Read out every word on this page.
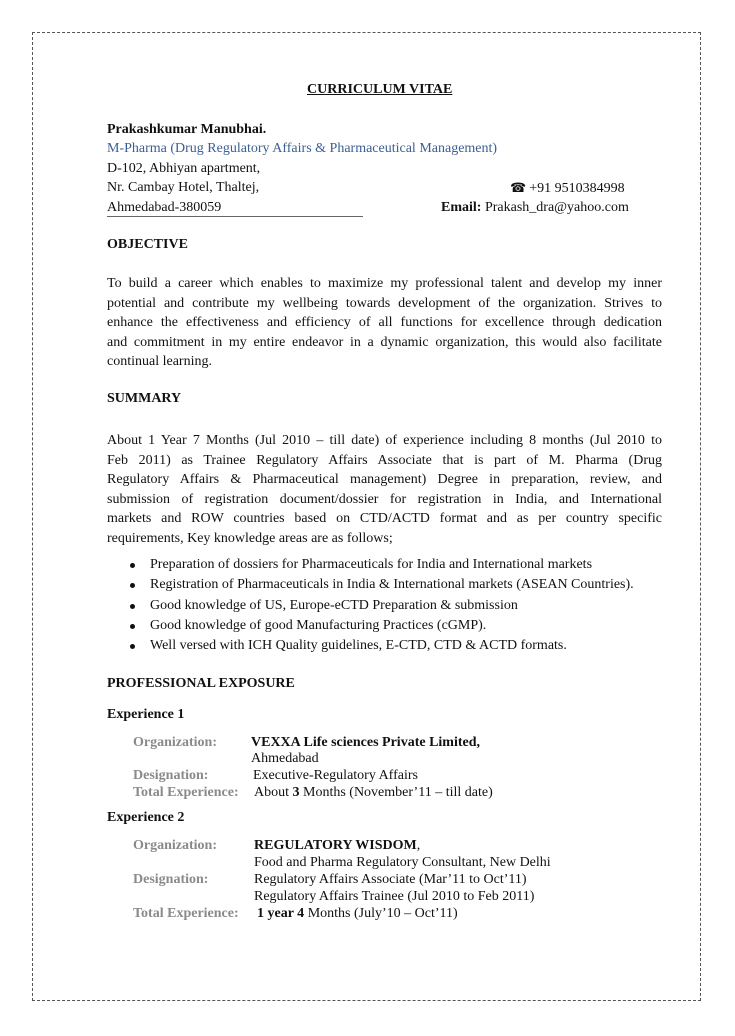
CURRICULUM VITAE
Prakashkumar Manubhai.
M-Pharma (Drug Regulatory Affairs & Pharmaceutical Management)
D-102, Abhiyan apartment,
Nr. Cambay Hotel, Thaltej,
Ahmedabad-380059
☎ +91 9510384998
Email: Prakash_dra@yahoo.com
OBJECTIVE
To build a career which enables to maximize my professional talent and develop my inner
potential and contribute my wellbeing towards development of the organization. Strives to
enhance the effectiveness and efficiency of all functions for excellence through dedication
and commitment in my entire endeavor in a dynamic organization, this would also facilitate
continual learning.
SUMMARY
About 1 Year 7 Months (Jul 2010 – till date) of experience including 8 months (Jul 2010 to
Feb 2011) as Trainee Regulatory Affairs Associate that is part of M. Pharma (Drug
Regulatory Affairs & Pharmaceutical management) Degree in preparation, review, and
submission of registration document/dossier for registration in India, and International
markets and ROW countries based on CTD/ACTD format and as per country specific
requirements, Key knowledge areas are as follows;
Preparation of dossiers for Pharmaceuticals for India and International markets
Registration of Pharmaceuticals in India & International markets (ASEAN Countries).
Good knowledge of US, Europe-eCTD Preparation & submission
Good knowledge of good Manufacturing Practices (cGMP).
Well versed with ICH Quality guidelines, E-CTD, CTD & ACTD formats.
PROFESSIONAL EXPOSURE
Experience 1
Organization: VEXXA Life sciences Private Limited,
Ahmedabad
Designation:	Executive-Regulatory Affairs
Total Experience: About 3 Months (November’11 – till date)
Experience 2
Organization:	REGULATORY WISDOM,
Food and Pharma Regulatory Consultant, New Delhi
Designation:	Regulatory Affairs Associate (Mar’11 to Oct’11)
Regulatory Affairs Trainee (Jul 2010 to Feb 2011)
Total Experience: 1 year 4 Months (July’10 – Oct’11)
